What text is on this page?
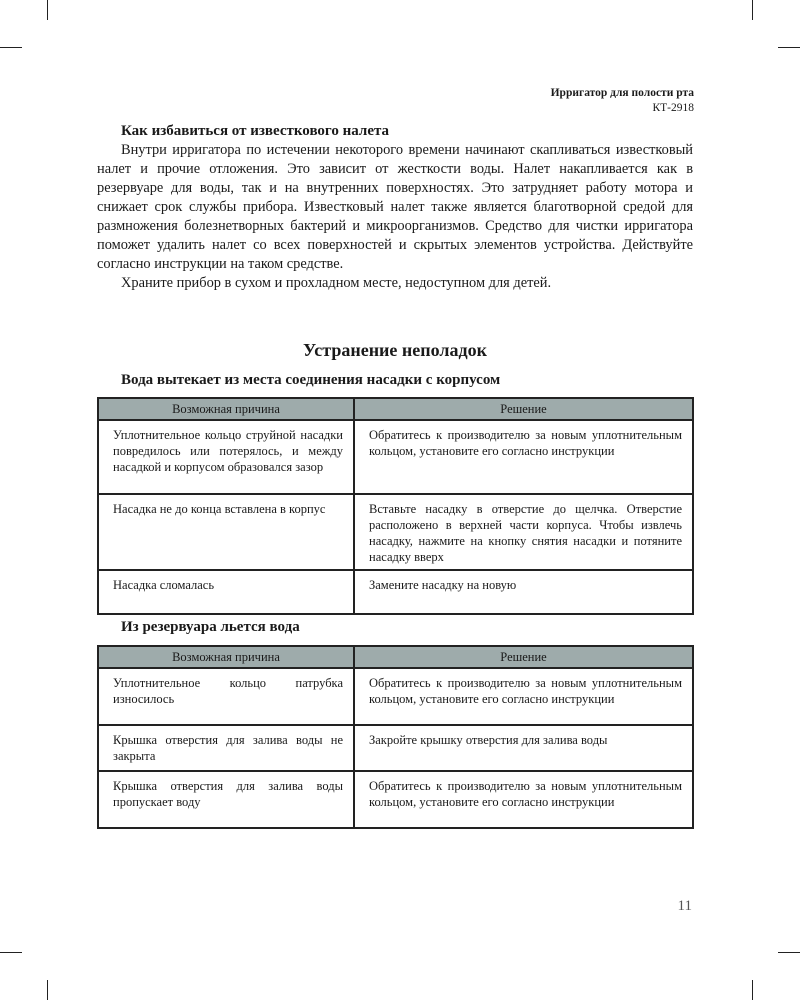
Ирригатор для полости рта
КТ-2918
Как избавиться от известкового налета

Внутри ирригатора по истечении некоторого времени начинают скапливаться известковый налет и прочие отложения. Это зависит от жесткости воды. Налет накапливается как в резервуаре для воды, так и на внутренних поверхностях. Это затрудняет работу мотора и снижает срок службы прибора. Известковый налет также является благотворной средой для размножения болезнетворных бактерий и микроорганизмов. Средство для чистки ирригатора поможет удалить налет со всех поверхностей и скрытых элементов устройства. Действуйте согласно инструкции на таком средстве.

Храните прибор в сухом и прохладном месте, недоступном для детей.

Устранение неполадок
Вода вытекает из места соединения насадки с корпусом
Возможная причина	Решение
Уплотнительное кольцо струйной насадки повредилось или потерялось, и между насадкой и корпусом образовался зазор	Обратитесь к производителю за новым уплотнительным кольцом, установите его согласно инструкции
Насадка не до конца вставлена в корпус	Вставьте насадку в отверстие до щелчка. Отверстие расположено в верхней части корпуса. Чтобы извлечь насадку, нажмите на кнопку снятия насадки и потяните насадку вверх
Насадка сломалась	Замените насадку на новую
Из резервуара льется вода
Возможная причина	Решение
Уплотнительное кольцо патрубка износилось	Обратитесь к производителю за новым уплотнительным кольцом, установите его согласно инструкции
Крышка отверстия для залива воды не закрыта	Закройте крышку отверстия для залива воды
Крышка отверстия для залива воды пропускает воду	Обратитесь к производителю за новым уплотнительным кольцом, установите его согласно инструкции
11
